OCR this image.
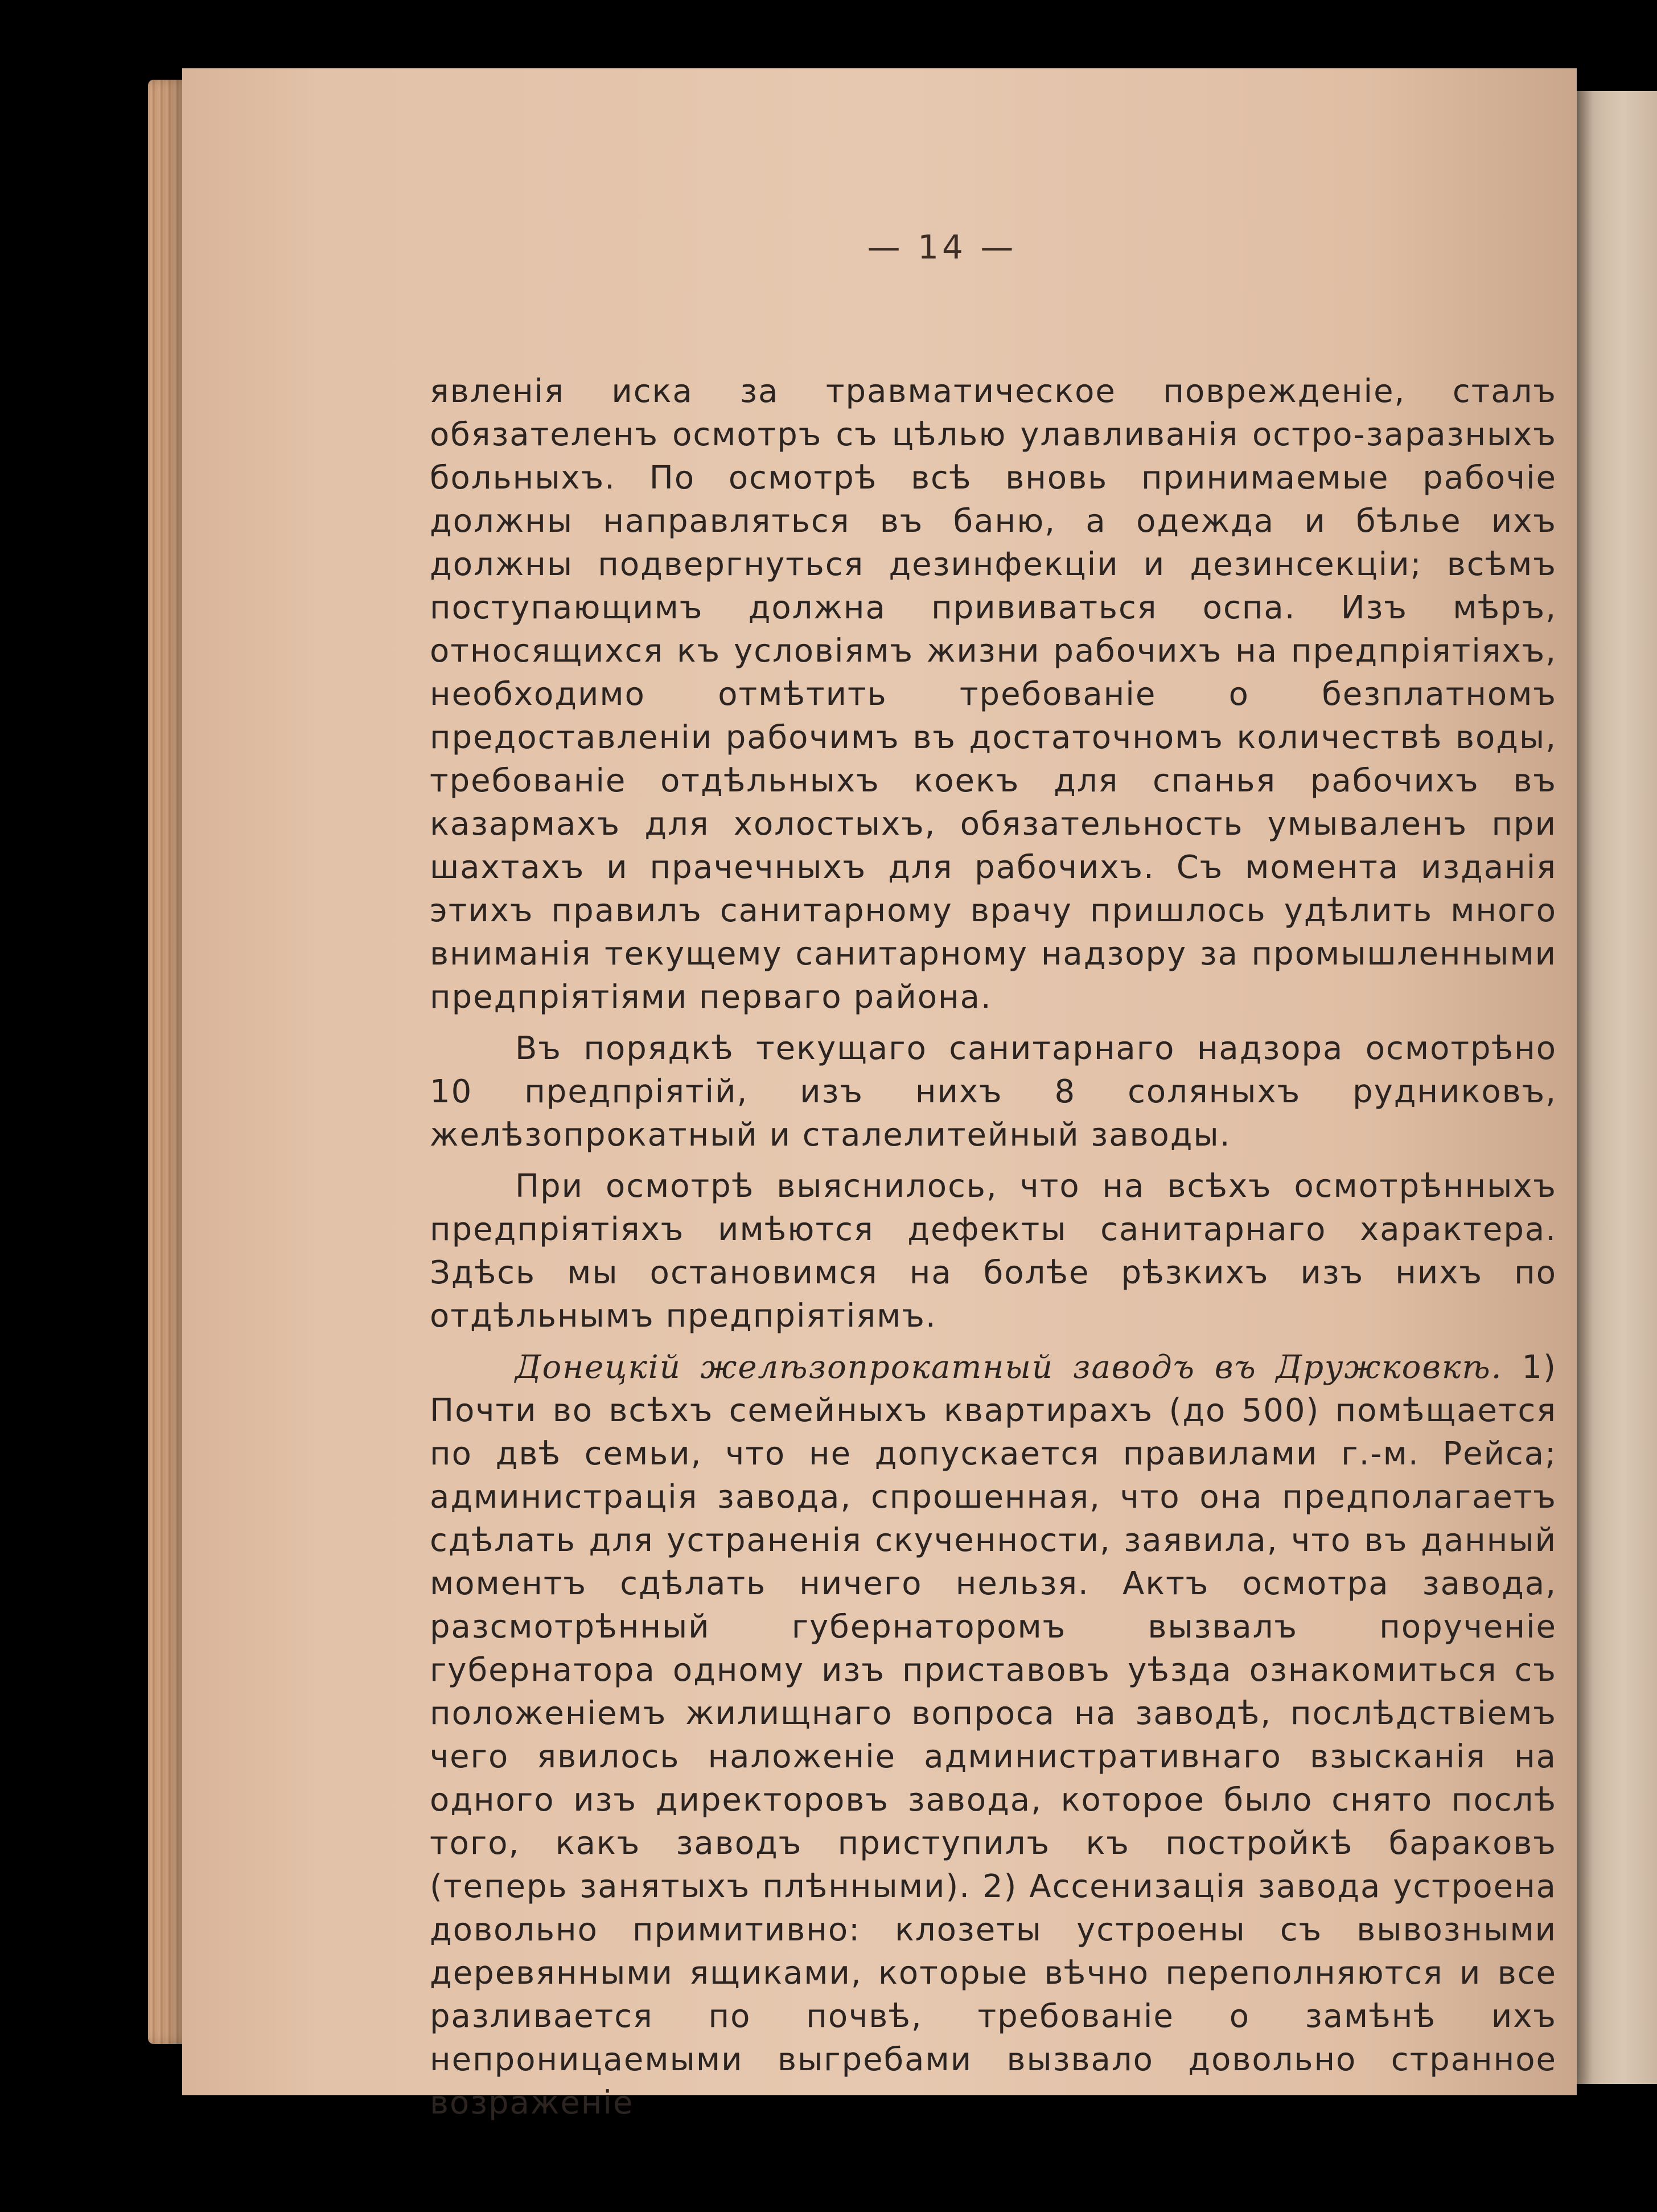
— 14 —

явленія иска за травматическое поврежденіе, сталъ обязателенъ осмотръ съ цѣлью улавливанія остро-заразныхъ больныхъ. По осмотрѣ всѣ вновь принимаемые рабочіе должны направляться въ баню, а одежда и бѣлье ихъ должны подвергнуться дезинфекціи и дезинсекціи; всѣмъ поступающимъ должна прививаться оспа. Изъ мѣръ, относящихся къ условіямъ жизни рабочихъ на предпріятіяхъ, необходимо отмѣтить требованіе о безплатномъ предоставленіи рабочимъ въ достаточномъ количествѣ воды, требованіе отдѣльныхъ коекъ для спанья рабочихъ въ казармахъ для холостыхъ, обязательность умываленъ при шахтахъ и прачечныхъ для рабочихъ. Съ момента изданія этихъ правилъ санитарному врачу пришлось удѣлить много вниманія текущему санитарному надзору за промышленными предпріятіями перваго района.

Въ порядкѣ текущаго санитарнаго надзора осмотрѣно 10 предпріятій, изъ нихъ 8 соляныхъ рудниковъ, желѣзопрокатный и сталелитейный заводы.

При осмотрѣ выяснилось, что на всѣхъ осмотрѣнныхъ предпріятіяхъ имѣются дефекты санитарнаго характера. Здѣсь мы остановимся на болѣе рѣзкихъ изъ нихъ по отдѣльнымъ предпріятіямъ.

Донецкій желѣзопрокатный заводъ въ Дружковкѣ. 1) Почти во всѣхъ семейныхъ квартирахъ (до 500) помѣщается по двѣ семьи, что не допускается правилами г.-м. Рейса; администрація завода, спрошенная, что она предполагаетъ сдѣлать для устраненія скученности, заявила, что въ данный моментъ сдѣлать ничего нельзя. Актъ осмотра завода, разсмотрѣнный губернаторомъ вызвалъ порученіе губернатора одному изъ приставовъ уѣзда ознакомиться съ положеніемъ жилищнаго вопроса на заводѣ, послѣдствіемъ чего явилось наложеніе административнаго взысканія на одного изъ директоровъ завода, которое было снято послѣ того, какъ заводъ приступилъ къ постройкѣ бараковъ (теперь занятыхъ плѣнными). 2) Ассенизація завода устроена довольно примитивно: клозеты устроены съ вывозными деревянными ящиками, которые вѣчно переполняются и все разливается по почвѣ, требованіе о замѣнѣ ихъ непроницаемыми выгребами вызвало довольно странное возраженіе
